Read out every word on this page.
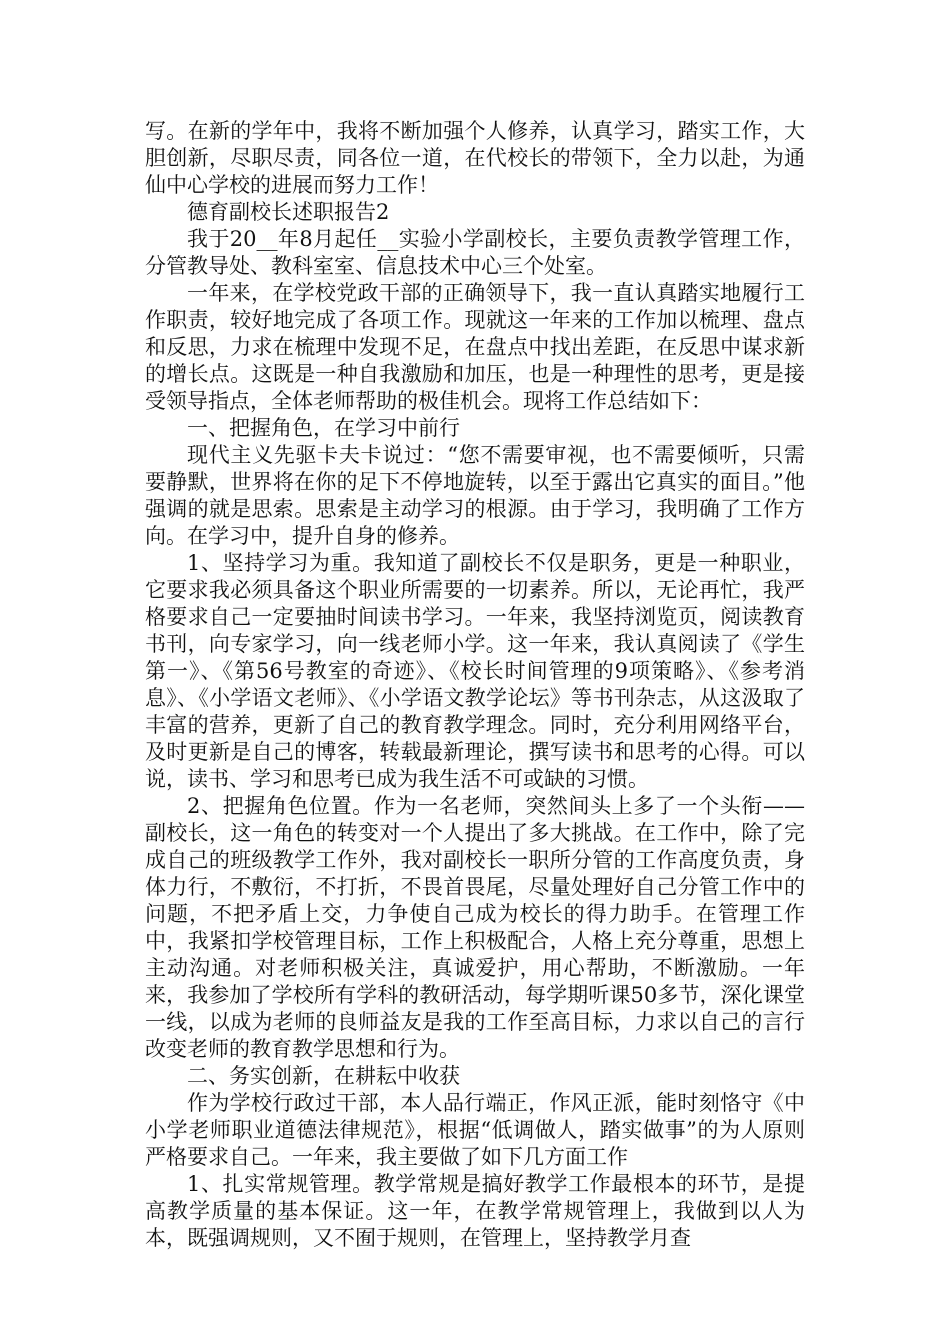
写。在新的学年中，我将不断加强个人修养，认真学习，踏实工作，大胆创新，尽职尽责，同各位一道，在代校长的带领下，全力以赴，为通仙中心学校的进展而努力工作！

德育副校长述职报告2

我于20__年8月起任__实验小学副校长，主要负责教学管理工作，分管教导处、教科室室、信息技术中心三个处室。

一年来，在学校党政干部的正确领导下，我一直认真踏实地履行工作职责，较好地完成了各项工作。现就这一年来的工作加以梳理、盘点和反思，力求在梳理中发现不足，在盘点中找出差距，在反思中谋求新的增长点。这既是一种自我激励和加压，也是一种理性的思考，更是接受领导指点，全体老师帮助的极佳机会。现将工作总结如下：

一、把握角色，在学习中前行

现代主义先驱卡夫卡说过：“您不需要审视，也不需要倾听，只需要静默，世界将在你的足下不停地旋转，以至于露出它真实的面目。”他强调的就是思索。思索是主动学习的根源。由于学习，我明确了工作方向。在学习中，提升自身的修养。

1、坚持学习为重。我知道了副校长不仅是职务，更是一种职业，它要求我必须具备这个职业所需要的一切素养。所以，无论再忙，我严格要求自己一定要抽时间读书学习。一年来，我坚持浏览页，阅读教育书刊，向专家学习，向一线老师小学。这一年来，我认真阅读了《学生第一》、《第56号教室的奇迹》、《校长时间管理的9项策略》、《参考消息》、《小学语文老师》、《小学语文教学论坛》等书刊杂志，从这汲取了丰富的营养，更新了自己的教育教学理念。同时，充分利用网络平台，及时更新是自己的博客，转载最新理论，撰写读书和思考的心得。可以说，读书、学习和思考已成为我生活不可或缺的习惯。

2、把握角色位置。作为一名老师，突然间头上多了一个头衔——副校长，这一角色的转变对一个人提出了多大挑战。在工作中，除了完成自己的班级教学工作外，我对副校长一职所分管的工作高度负责，身体力行，不敷衍，不打折，不畏首畏尾，尽量处理好自己分管工作中的问题，不把矛盾上交，力争使自己成为校长的得力助手。在管理工作中，我紧扣学校管理目标，工作上积极配合，人格上充分尊重，思想上主动沟通。对老师积极关注，真诚爱护，用心帮助，不断激励。一年来，我参加了学校所有学科的教研活动，每学期听课50多节，深化课堂一线，以成为老师的良师益友是我的工作至高目标，力求以自己的言行改变老师的教育教学思想和行为。

二、务实创新，在耕耘中收获

作为学校行政过干部，本人品行端正，作风正派，能时刻恪守《中小学老师职业道德法律规范》，根据“低调做人，踏实做事”的为人原则严格要求自己。一年来，我主要做了如下几方面工作

1、扎实常规管理。教学常规是搞好教学工作最根本的环节，是提高教学质量的基本保证。这一年，在教学常规管理上，我做到以人为本，既强调规则，又不囿于规则，在管理上，坚持教学月查
